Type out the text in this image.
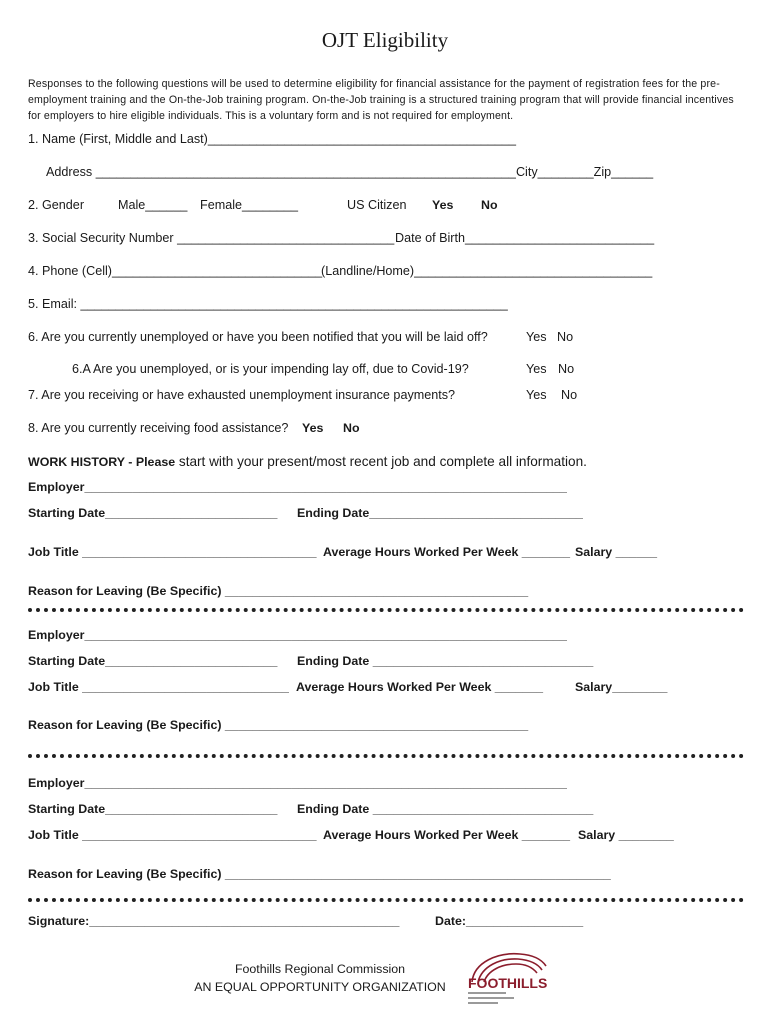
OJT Eligibility
Responses to the following questions will be used to determine eligibility for financial assistance for the payment of registration fees for the pre-employment training and the On-the-Job training program. On-the-Job training is a structured training program that will provide financial incentives for employers to hire eligible individuals. This is a voluntary form and is not required for employment.
1. Name (First, Middle and Last)____________________________________________
Address ____________________________________________________________City________Zip______
2. Gender	Male______ Female________	US Citizen Yes No
3. Social Security Number _______________________________ Date of Birth___________________________
4. Phone (Cell)______________________________
(Landline/Home)__________________________________
5. Email: _____________________________________________________________
6. Are you currently unemployed or have you been notified that you will be laid off?	Yes No
6.A Are you unemployed, or is your impending lay off, due to Covid-19?	Yes No
7. Are you receiving or have exhausted unemployment insurance payments?	Yes No
8. Are you currently receiving food assistance? Yes No
WORK HISTORY - Please start with your present/most recent job and complete all information.
Employer______________________________________________________________________
Starting Date_________________________ Ending Date_______________________________
Job Title __________________________________ Average Hours Worked Per Week _______ Salary ______
Reason for Leaving (Be Specific) ____________________________________________
Employer______________________________________________________________________
Starting Date_________________________ Ending Date ________________________________
Job Title ______________________________ Average Hours Worked Per Week _______	Salary________
Reason for Leaving (Be Specific) ____________________________________________
Employer______________________________________________________________________
Starting Date_________________________ Ending Date ________________________________
Job Title __________________________________ Average Hours Worked Per Week _______ Salary ________
Reason for Leaving (Be Specific) ________________________________________________________
Signature:_____________________________________________	Date:_________________
Foothills Regional Commission
AN EQUAL OPPORTUNITY ORGANIZATION	FOOTHILLS
